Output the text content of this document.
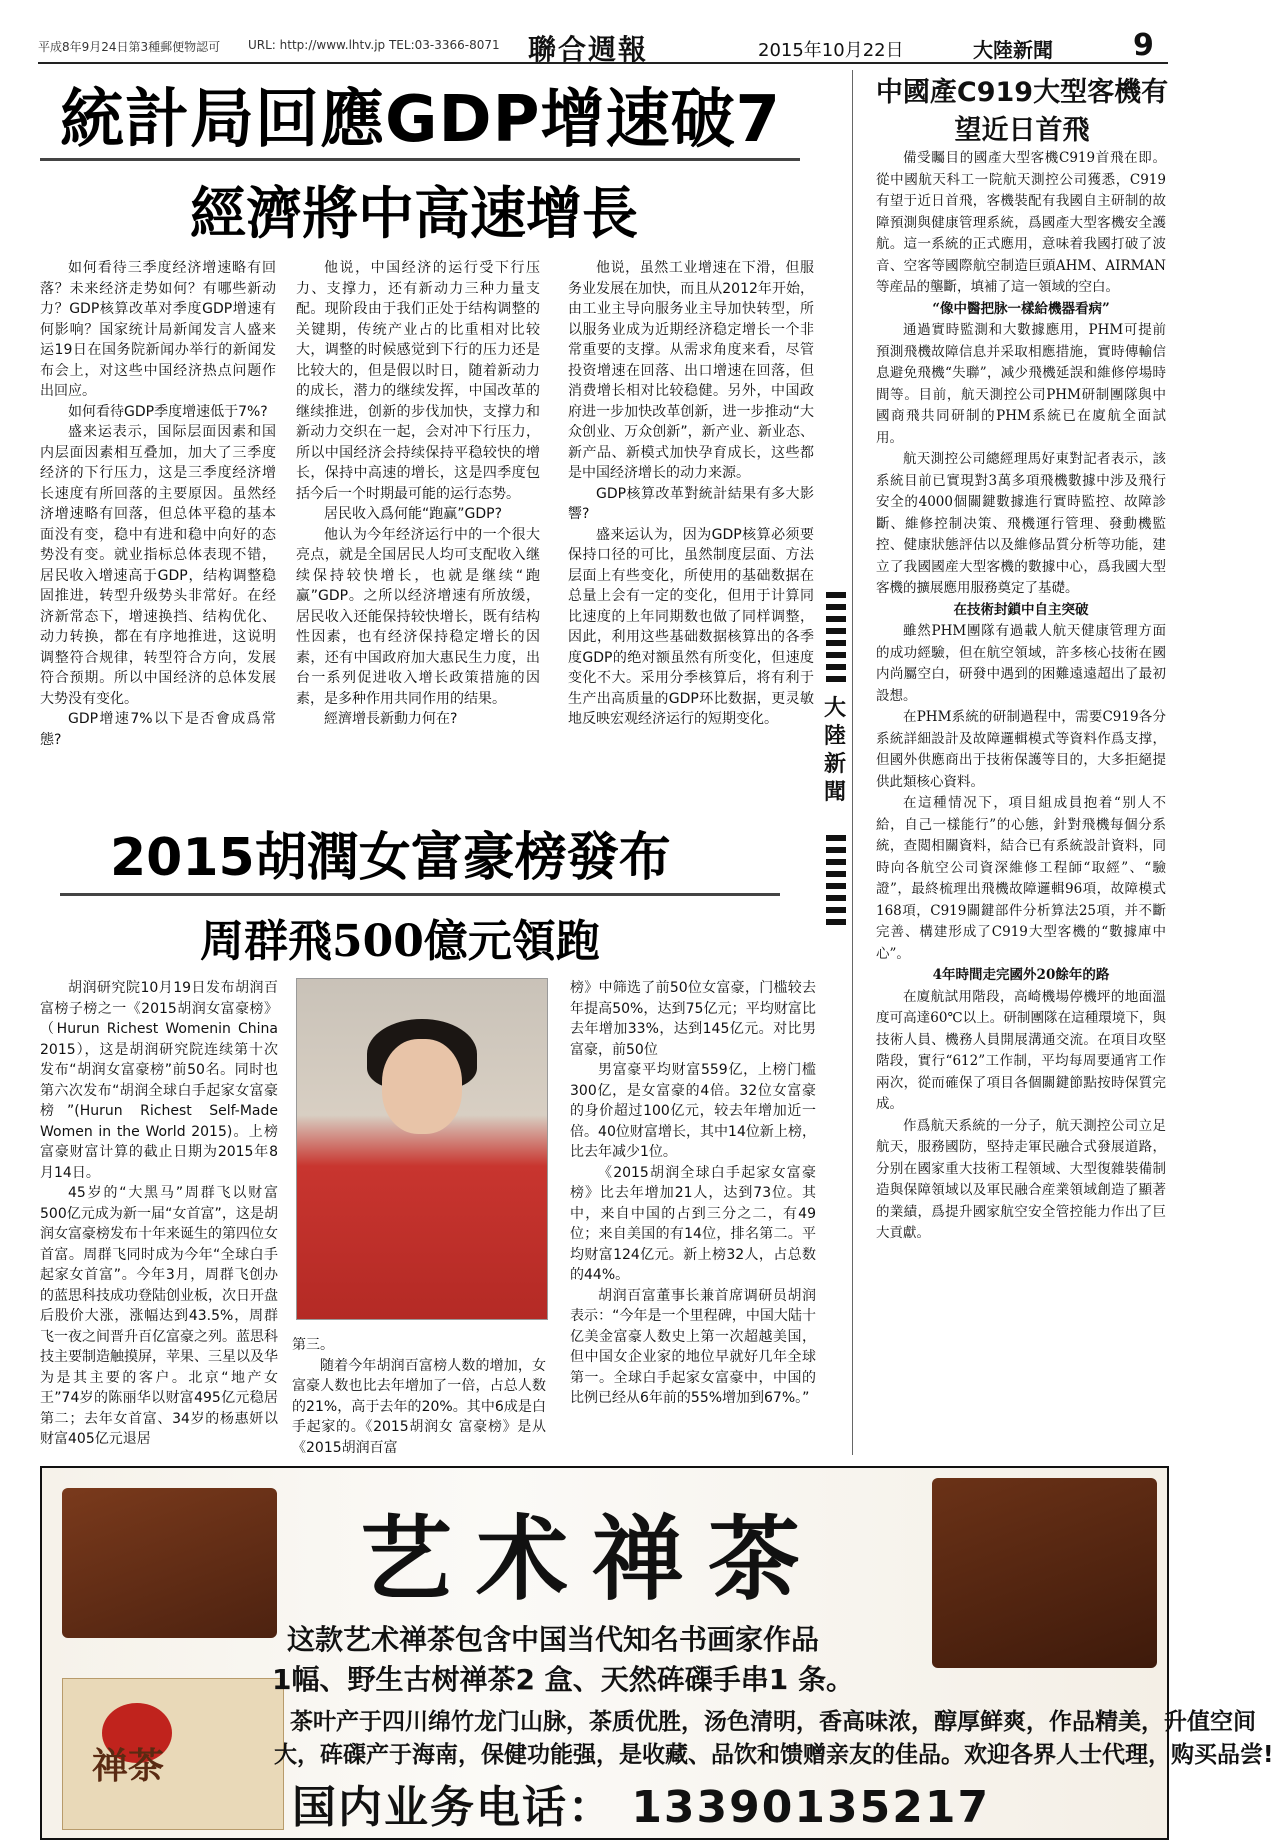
平成8年9月24日第3種郵便物認可 URL: http://www.lhtv.jp TEL:03-3366-8071 聯合週報	2015年10月22日	大陸新聞	9
統計局回應GDP增速破7
經濟將中高速增長

如何看待三季度经济增速略有回落？未来经济走势如何？有哪些新动力？GDP核算改革对季度GDP增速有何影响？国家统计局新闻发言人盛来运19日在国务院新闻办举行的新闻发布会上，对这些中国经济热点问题作出回应。

如何看待GDP季度增速低于7%?

盛来运表示，国际层面因素和国内层面因素相互叠加，加大了三季度经济的下行压力，这是三季度经济增长速度有所回落的主要原因。虽然经济增速略有回落，但总体平稳的基本面没有变，稳中有进和稳中向好的态势没有变。就业指标总体表现不错，居民收入增速高于GDP，结构调整稳固推进，转型升级势头非常好。在经济新常态下，增速换挡、结构优化、动力转换，都在有序地推进，这说明调整符合规律，转型符合方向，发展符合预期。所以中国经济的总体发展大势没有变化。

GDP增速7%以下是否會成爲常態?

他说，中国经济的运行受下行压力、支撑力，还有新动力三种力量支配。现阶段由于我们正处于结构调整的关键期，传统产业占的比重相对比较大，调整的时候感觉到下行的压力还是比较大的，但是假以时日，随着新动力的成长，潜力的继续发挥，中国改革的继续推进，创新的步伐加快，支撑力和新动力交织在一起，会对冲下行压力，所以中国经济会持续保持平稳较快的增长，保持中高速的增长，这是四季度包括今后一个时期最可能的运行态势。

居民收入爲何能“跑赢”GDP?

他认为今年经济运行中的一个很大亮点，就是全国居民人均可支配收入继续保持较快增长，也就是继续“跑赢”GDP。之所以经济增速有所放缓，居民收入还能保持较快增长，既有结构性因素，也有经济保持稳定增长的因素，还有中国政府加大惠民生力度，出台一系列促进收入增长政策措施的因素，是多种作用共同作用的结果。

經濟增長新動力何在?

他说，虽然工业增速在下滑，但服务业发展在加快，而且从2012年开始，由工业主导向服务业主导加快转型，所以服务业成为近期经济稳定增长一个非常重要的支撑。从需求角度来看，尽管投资增速在回落、出口增速在回落，但消费增长相对比较稳健。另外，中国政府进一步加快改革创新，进一步推动“大众创业、万众创新”，新产业、新业态、新产品、新模式加快孕育成长，这些都是中国经济增长的动力来源。

GDP核算改革對統計結果有多大影響?

盛来运认为，因为GDP核算必须要保持口径的可比，虽然制度层面、方法层面上有些变化，所使用的基础数据在总量上会有一定的变化，但用于计算同比速度的上年同期数也做了同样调整，因此，利用这些基础数据核算出的各季度GDP的绝对额虽然有所变化，但速度变化不大。采用分季核算后，将有利于生产出高质量的GDP环比数据，更灵敏地反映宏观经济运行的短期变化。

2015胡潤女富豪榜發布
周群飛500億元領跑

胡润研究院10月19日发布胡润百富榜子榜之一《2015胡润女富豪榜》（Hurun Richest Womenin China 2015），这是胡润研究院连续第十次发布“胡润女富豪榜”前50名。同时也第六次发布“胡润全球白手起家女富豪榜”(Hurun Richest Self-Made Women in the World 2015)。上榜富豪财富计算的截止日期为2015年8月14日。

45岁的“大黑马”周群飞以财富500亿元成为新一届“女首富”，这是胡润女富豪榜发布十年来诞生的第四位女首富。周群飞同时成为今年“全球白手起家女首富”。今年3月，周群飞创办 的蓝思科技成功登陆创业板，次日开盘后股价大涨，涨幅达到43.5%，周群飞一夜之间晋升百亿富豪之列。蓝思科技主要制造触摸屏，苹果、三星以及华为是其主要的客户。北京“地产女王”74岁的陈丽华以财富495亿元稳居第二；去年女首富、34岁的杨惠妍以财富405亿元退居

第三。

随着今年胡润百富榜人数的增加，女富豪人数也比去年增加了一倍，占总人数的21%，高于去年的20%。其中6成是白手起家的。《2015胡润女 富豪榜》是从《2015胡润百富

榜》中筛选了前50位女富豪，门槛较去年提高50%，达到75亿元；平均财富比去年增加33%，达到145亿元。对比男富豪，前50位

男富豪平均财富559亿，上榜门槛300亿，是女富豪的4倍。32位女富豪的身价超过100亿元，较去年增加近一倍。40位财富增长，其中14位新上榜， 比去年减少1位。

《2015胡润全球白手起家女富豪榜》比去年增加21人，达到73位。其中，来自中国的占到三分之二，有49位；来自美国的有14位，排名第二。平均财富124亿元。新上榜32人，占总数的44%。

胡润百富董事长兼首席调研员胡润表示：“今年是一个里程碑，中国大陆十亿美金富豪人数史上第一次超越美国，但中国女企业家的地位早就好几年全球第一。全球白手起家女富豪中，中国的比例已经从6年前的55%增加到67%。”

大陸新聞
中國產C919大型客機有望近日首飛

備受矚目的國產大型客機C919首飛在即。從中國航天科工一院航天測控公司獲悉，C919有望于近日首飛，客機裝配有我國自主研制的故障預測與健康管理系統，爲國產大型客機安全護航。這一系統的正式應用，意味着我國打破了波音、空客等國際航空制造巨頭AHM、AIRMAN等産品的壟斷，填補了這一領域的空白。

“像中醫把脉一樣給機器看病”

通過實時監測和大數據應用，PHM可提前預測飛機故障信息并采取相應措施，實時傳輸信息避免飛機“失聯”，减少飛機延誤和維修停場時間等。目前，航天測控公司PHM研制團隊與中國商飛共同研制的PHM系統已在廈航全面試用。

航天測控公司總經理馬好東對記者表示，該系統目前已實現對3萬多項飛機數據中涉及飛行安全的4000個關鍵數據進行實時監控、故障診斷、維修控制决策、飛機運行管理、發動機監控、健康狀態評估以及維修品質分析等功能，建立了我國國産大型客機的數據中心，爲我國大型客機的擴展應用服務奠定了基礎。

在技術封鎖中自主突破

雖然PHM團隊有過載人航天健康管理方面的成功經驗，但在航空領域，許多核心技術在國内尚屬空白，研發中遇到的困難遠遠超出了最初設想。

在PHM系統的研制過程中，需要C919各分系統詳細設計及故障邏輯模式等資料作爲支撑，但國外供應商出于技術保護等目的，大多拒絕提供此類核心資料。

在這種情况下，項目組成員抱着“别人不給，自己一樣能行”的心態，針對飛機每個分系統，查閲相關資料，結合已有系統設計資料，同時向各航空公司資深維修工程師“取經”、“驗證”，最終梳理出飛機故障邏輯96項，故障模式168項，C919關鍵部件分析算法25項，并不斷完善、構建形成了C919大型客機的“數據庫中心”。

4年時間走完國外20餘年的路

在廈航試用階段，高崎機場停機坪的地面溫度可高達60℃以上。研制團隊在這種環境下，與技術人員、機務人員開展溝通交流。在項目攻堅階段，實行“612”工作制，平均每周要通宵工作兩次，從而確保了項目各個關鍵節點按時保質完成。

作爲航天系統的一分子，航天測控公司立足航天，服務國防，堅持走軍民融合式發展道路，分别在國家重大技術工程領域、大型復雜裝備制造與保障領域以及軍民融合産業領域創造了顯著的業績，爲提升國家航空安全管控能力作出了巨大貢獻。

禅茶
艺术禅茶
这款艺术禅茶包含中国当代知名书画家作品
1幅、野生古树禅茶2 盒、天然砗磲手串1 条。
茶叶产于四川绵竹龙门山脉，茶质优胜，汤色清明，香高味浓，醇厚鲜爽，作品精美，升值空间
大，砗磲产于海南，保健功能强，是收藏、品饮和馈赠亲友的佳品。欢迎各界人士代理，购买品尝!
国内业务电话： 13390135217
